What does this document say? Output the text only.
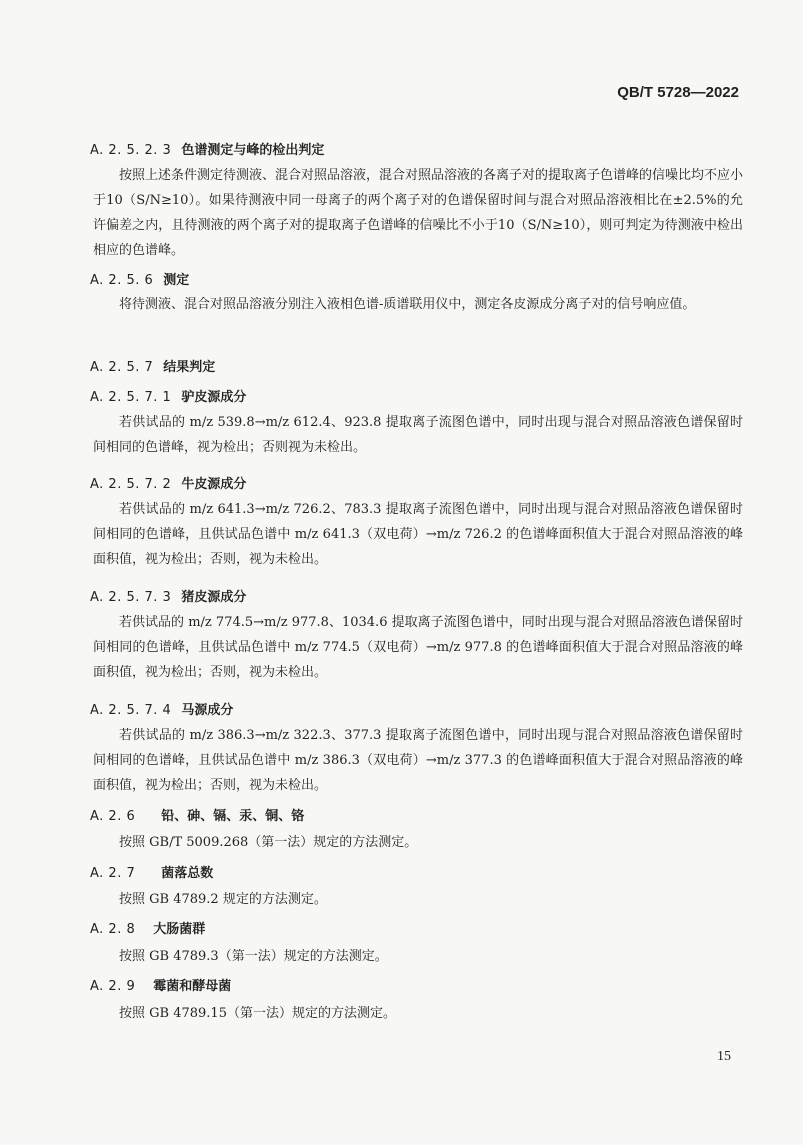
QB/T 5728—2022
A. 2. 5. 2. 3 色谱测定与峰的检出判定
按照上述条件测定待测液、混合对照品溶液，混合对照品溶液的各离子对的提取离子色谱峰的信噪比均不应小于10（S/N≥10）。如果待测液中同一母离子的两个离子对的色谱保留时间与混合对照品溶液相比在±2.5%的允许偏差之内，且待测液的两个离子对的提取离子色谱峰的信噪比不小于10（S/N≥10），则可判定为待测液中检出相应的色谱峰。
A. 2. 5. 6 测定
将待测液、混合对照品溶液分别注入液相色谱-质谱联用仪中，测定各皮源成分离子对的信号响应值。
A. 2. 5. 7 结果判定
A. 2. 5. 7. 1 驴皮源成分
若供试品的 m/z 539.8→m/z 612.4、923.8 提取离子流图色谱中，同时出现与混合对照品溶液色谱保留时间相同的色谱峰，视为检出；否则视为未检出。
A. 2. 5. 7. 2 牛皮源成分
若供试品的 m/z 641.3→m/z 726.2、783.3 提取离子流图色谱中，同时出现与混合对照品溶液色谱保留时间相同的色谱峰，且供试品色谱中 m/z 641.3（双电荷）→m/z 726.2 的色谱峰面积值大于混合对照品溶液的峰面积值，视为检出；否则，视为未检出。
A. 2. 5. 7. 3 猪皮源成分
若供试品的 m/z 774.5→m/z 977.8、1034.6 提取离子流图色谱中，同时出现与混合对照品溶液色谱保留时间相同的色谱峰，且供试品色谱中 m/z 774.5（双电荷）→m/z 977.8 的色谱峰面积值大于混合对照品溶液的峰面积值，视为检出；否则，视为未检出。
A. 2. 5. 7. 4 马源成分
若供试品的 m/z 386.3→m/z 322.3、377.3 提取离子流图色谱中，同时出现与混合对照品溶液色谱保留时间相同的色谱峰，且供试品色谱中 m/z 386.3（双电荷）→m/z 377.3 的色谱峰面积值大于混合对照品溶液的峰面积值，视为检出；否则，视为未检出。
A. 2. 6 铅、砷、镉、汞、铜、铬
按照 GB/T 5009.268（第一法）规定的方法测定。
A. 2. 7 菌落总数
按照 GB 4789.2 规定的方法测定。
A. 2. 8 大肠菌群
按照 GB 4789.3（第一法）规定的方法测定。
A. 2. 9 霉菌和酵母菌
按照 GB 4789.15（第一法）规定的方法测定。
15
